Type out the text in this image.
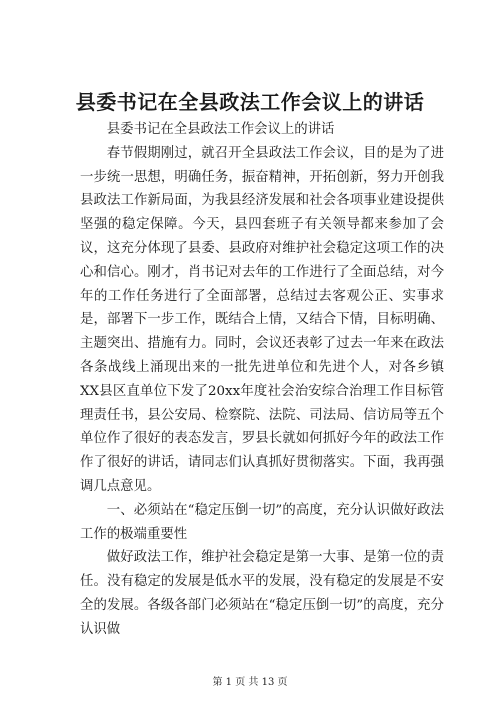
县委书记在全县政法工作会议上的讲话
县委书记在全县政法工作会议上的讲话

春节假期刚过，就召开全县政法工作会议，目的是为了进一步统一思想，明确任务，振奋精神，开拓创新，努力开创我县政法工作新局面，为我县经济发展和社会各项事业建设提供坚强的稳定保障。今天，县四套班子有关领导都来参加了会议，这充分体现了县委、县政府对维护社会稳定这项工作的决心和信心。刚才，肖书记对去年的工作进行了全面总结，对今年的工作任务进行了全面部署，总结过去客观公正、实事求是，部署下一步工作，既结合上情，又结合下情，目标明确、主题突出、措施有力。同时，会议还表彰了过去一年来在政法各条战线上涌现出来的一批先进单位和先进个人，对各乡镇XX县区直单位下发了20xx年度社会治安综合治理工作目标管理责任书，县公安局、检察院、法院、司法局、信访局等五个单位作了很好的表态发言，罗县长就如何抓好今年的政法工作作了很好的讲话，请同志们认真抓好贯彻落实。下面，我再强调几点意见。

一、必须站在“稳定压倒一切”的高度，充分认识做好政法工作的极端重要性

做好政法工作，维护社会稳定是第一大事、是第一位的责任。没有稳定的发展是低水平的发展，没有稳定的发展是不安全的发展。各级各部门必须站在“稳定压倒一切”的高度，充分认识做

第 1 页 共 13 页
